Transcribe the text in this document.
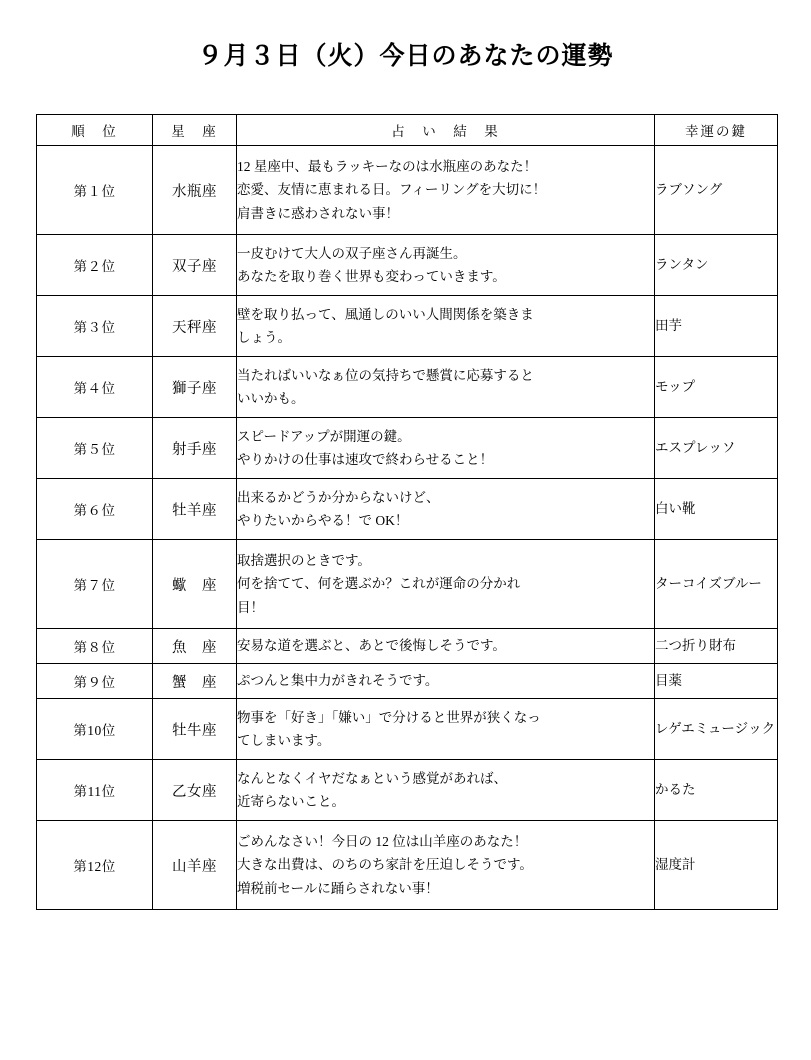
９月３日（火）今日のあなたの運勢
順　位	星　座	占　い　結　果	幸運の鍵
第１位	水瓶座	12 星座中、最もラッキーなのは水瓶座のあなた！
恋愛、友情に恵まれる日。フィーリングを大切に！
肩書きに惑わされない事！	ラブソング

第２位	双子座	一皮むけて大人の双子座さん再誕生。
あなたを取り巻く世界も変わっていきます。	ランタン

第３位	天秤座	壁を取り払って、風通しのいい人間関係を築きま
しょう。	田芋

第４位	獅子座	当たればいいなぁ位の気持ちで懸賞に応募すると
いいかも。	モップ

第５位	射手座	スピードアップが開運の鍵。
やりかけの仕事は速攻で終わらせること！	エスプレッソ

第６位	牡羊座	出来るかどうか分からないけど、
やりたいからやる！で OK！	白い靴

第７位	蠍　座	取捨選択のときです。
何を捨てて、何を選ぶか？これが運命の分かれ
目！	ターコイズブルー

第８位	魚　座	安易な道を選ぶと、あとで後悔しそうです。	二つ折り財布

第９位	蟹　座	ぷつんと集中力がきれそうです。	目薬

第10位	牡牛座	物事を「好き」「嫌い」で分けると世界が狭くなっ
てしまいます。	レゲエミュージック

第11位	乙女座	なんとなくイヤだなぁという感覚があれば、
近寄らないこと。	かるた

第12位	山羊座	ごめんなさい！今日の 12 位は山羊座のあなた！
大きな出費は、のちのち家計を圧迫しそうです。
増税前セールに踊らされない事！	湿度計
